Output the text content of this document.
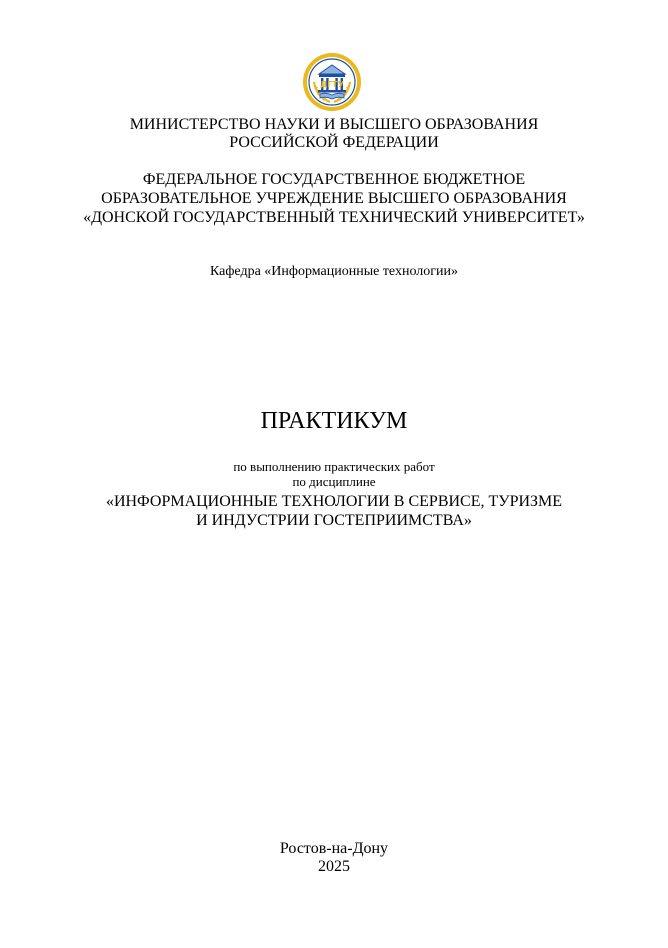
ДГТУ
МИНИСТЕРСТВО НАУКИ И ВЫСШЕГО ОБРАЗОВАНИЯ
РОССИЙСКОЙ ФЕДЕРАЦИИ
ФЕДЕРАЛЬНОЕ ГОСУДАРСТВЕННОЕ БЮДЖЕТНОЕ
ОБРАЗОВАТЕЛЬНОЕ УЧРЕЖДЕНИЕ ВЫСШЕГО ОБРАЗОВАНИЯ
«ДОНСКОЙ ГОСУДАРСТВЕННЫЙ ТЕХНИЧЕСКИЙ УНИВЕРСИТЕТ»
Кафедра «Информационные технологии»
ПРАКТИКУМ
по выполнению практических работ
по дисциплине
«ИНФОРМАЦИОННЫЕ ТЕХНОЛОГИИ В СЕРВИСЕ, ТУРИЗМЕ
И ИНДУСТРИИ ГОСТЕПРИИМСТВА»
Ростов-на-Дону
2025
